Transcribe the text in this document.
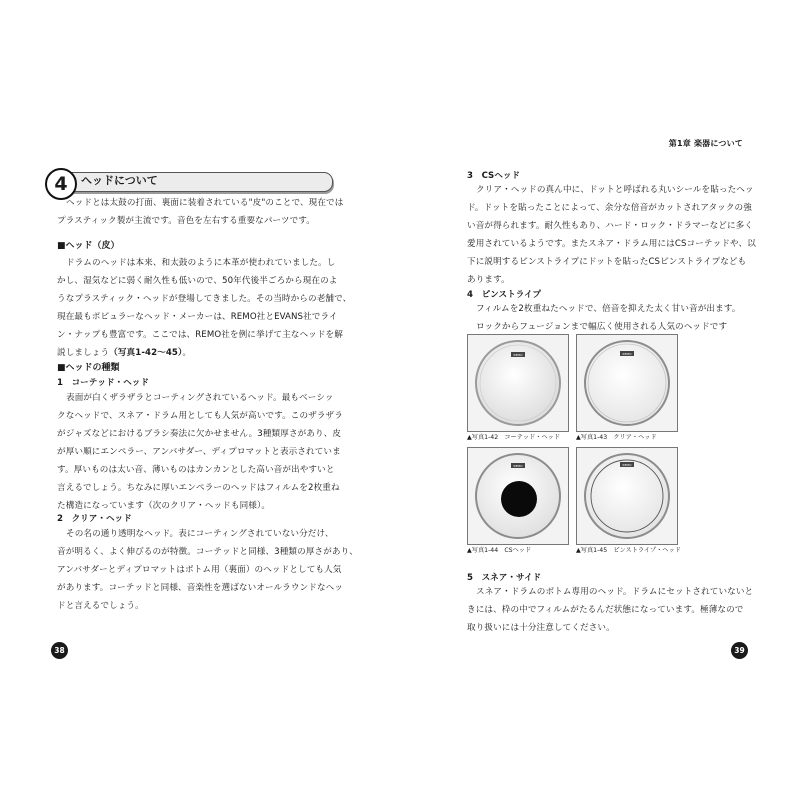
4	ヘッドについて
ヘッドとは太鼓の打面、裏面に装着されている"皮"のことで、現在では
プラスティック製が主流です。音色を左右する重要なパーツです。
■ヘッド（皮）
ドラムのヘッドは本来、和太鼓のように本革が使われていました。し
かし、湿気などに弱く耐久性も低いので、50年代後半ごろから現在のよ
うなプラスティック・ヘッドが登場してきました。その当時からの老舗で、
現在最もポピュラーなヘッド・メーカーは、REMO社とEVANS社でライ
ン・ナップも豊富です。ここでは、REMO社を例に挙げて主なヘッドを解
説しましょう（写真1-42〜45）。
■ヘッドの種類
1　コーテッド・ヘッド
表面が白くザラザラとコーティングされているヘッド。最もベーシッ
クなヘッドで、スネア・ドラム用としても人気が高いです。このザラザラ
がジャズなどにおけるブラシ奏法に欠かせません。3種類厚さがあり、皮
が厚い順にエンペラー、アンバサダー、ディプロマットと表示されていま
す。厚いものは太い音、薄いものはカンカンとした高い音が出やすいと
言えるでしょう。ちなみに厚いエンペラーのヘッドはフィルムを2枚重ね
た構造になっています（次のクリア・ヘッドも同様）。
2　クリア・ヘッド
その名の通り透明なヘッド。表にコーティングされていない分だけ、
音が明るく、よく伸びるのが特徴。コーテッドと同様、3種類の厚さがあり、
アンバサダーとディプロマットはボトム用（裏面）のヘッドとしても人気
があります。コーテッドと同様、音楽性を選ばないオールラウンドなヘッ
ドと言えるでしょう。
38
第1章 楽器について
3　CSヘッド
クリア・ヘッドの真ん中に、ドットと呼ばれる丸いシールを貼ったヘッ
ド。ドットを貼ったことによって、余分な倍音がカットされアタックの強
い音が得られます。耐久性もあり、ハード・ロック・ドラマーなどに多く
愛用されているようです。またスネア・ドラム用にはCSコーテッドや、以
下に説明するピンストライプにドットを貼ったCSピンストライプなども
あります。
4　ピンストライプ
フィルムを2枚重ねたヘッドで、倍音を抑えた太く甘い音が出ます。
ロックからフュージョンまで幅広く使用される人気のヘッドです
REMO
▲写真1-42　コーテッド・ヘッド
REMO
▲写真1-43　クリア・ヘッド
REMO
▲写真1-44　CSヘッド
REMO
▲写真1-45　ピンストライプ・ヘッド
5　スネア・サイド
スネア・ドラムのボトム専用のヘッド。ドラムにセットされていないと
きには、枠の中でフィルムがたるんだ状態になっています。極薄なので
取り扱いには十分注意してください。
39
